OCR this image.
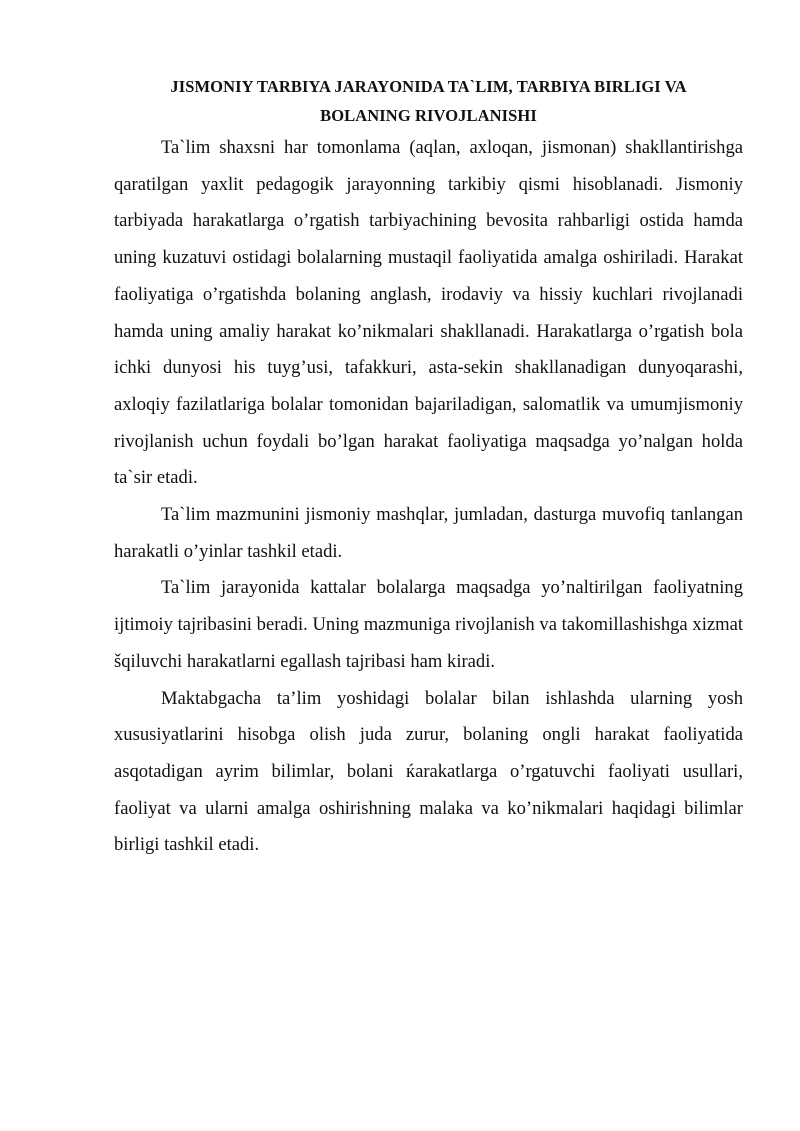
JISMONIY TARBIYA JARAYONIDA TA`LIM, TARBIYA BIRLIGI VA
BOLANING RIVOJLANISHI

Ta`lim shaxsni har tomonlama (aqlan, axloqan, jismonan) shakllantirishga qaratilgan yaxlit pedagogik jarayonning tarkibiy qismi hisoblanadi. Jismoniy tarbiyada harakatlarga o’rgatish tarbiyachining bevosita rahbarligi ostida hamda uning kuzatuvi ostidagi bolalarning mustaqil faoliyatida amalga oshiriladi. Harakat faoliyatiga o’rgatishda bolaning anglash, irodaviy va hissiy kuchlari rivojlanadi hamda uning amaliy harakat ko’nikmalari shakllanadi. Harakatlarga o’rgatish bola ichki dunyosi his tuyg’usi, tafakkuri, asta-sekin shakllanadigan dunyoqarashi, axloqiy fazilatlariga bolalar tomonidan bajariladigan, salomatlik va umumjismoniy rivojlanish uchun foydali bo’lgan harakat faoliyatiga maqsadga yo’nalgan holda ta`sir etadi.

Ta`lim mazmunini jismoniy mashqlar, jumladan, dasturga muvofiq tanlangan harakatli o’yinlar tashkil etadi.

Ta`lim jarayonida kattalar bolalarga maqsadga yo’naltirilgan faoliyatning ijtimoiy tajribasini beradi. Uning mazmuniga rivojlanish va takomillashishga xizmat šqiluvchi harakatlarni egallash tajribasi ham kiradi.

Maktabgacha ta’lim yoshidagi bolalar bilan ishlashda ularning yosh xususiyatlarini hisobga olish juda zurur, bolaning ongli harakat faoliyatida asqotadigan ayrim bilimlar, bolani ќarakatlarga o’rgatuvchi faoliyati usullari, faoliyat va ularni amalga oshirishning malaka va ko’nikmalari haqidagi bilimlar birligi tashkil etadi.
